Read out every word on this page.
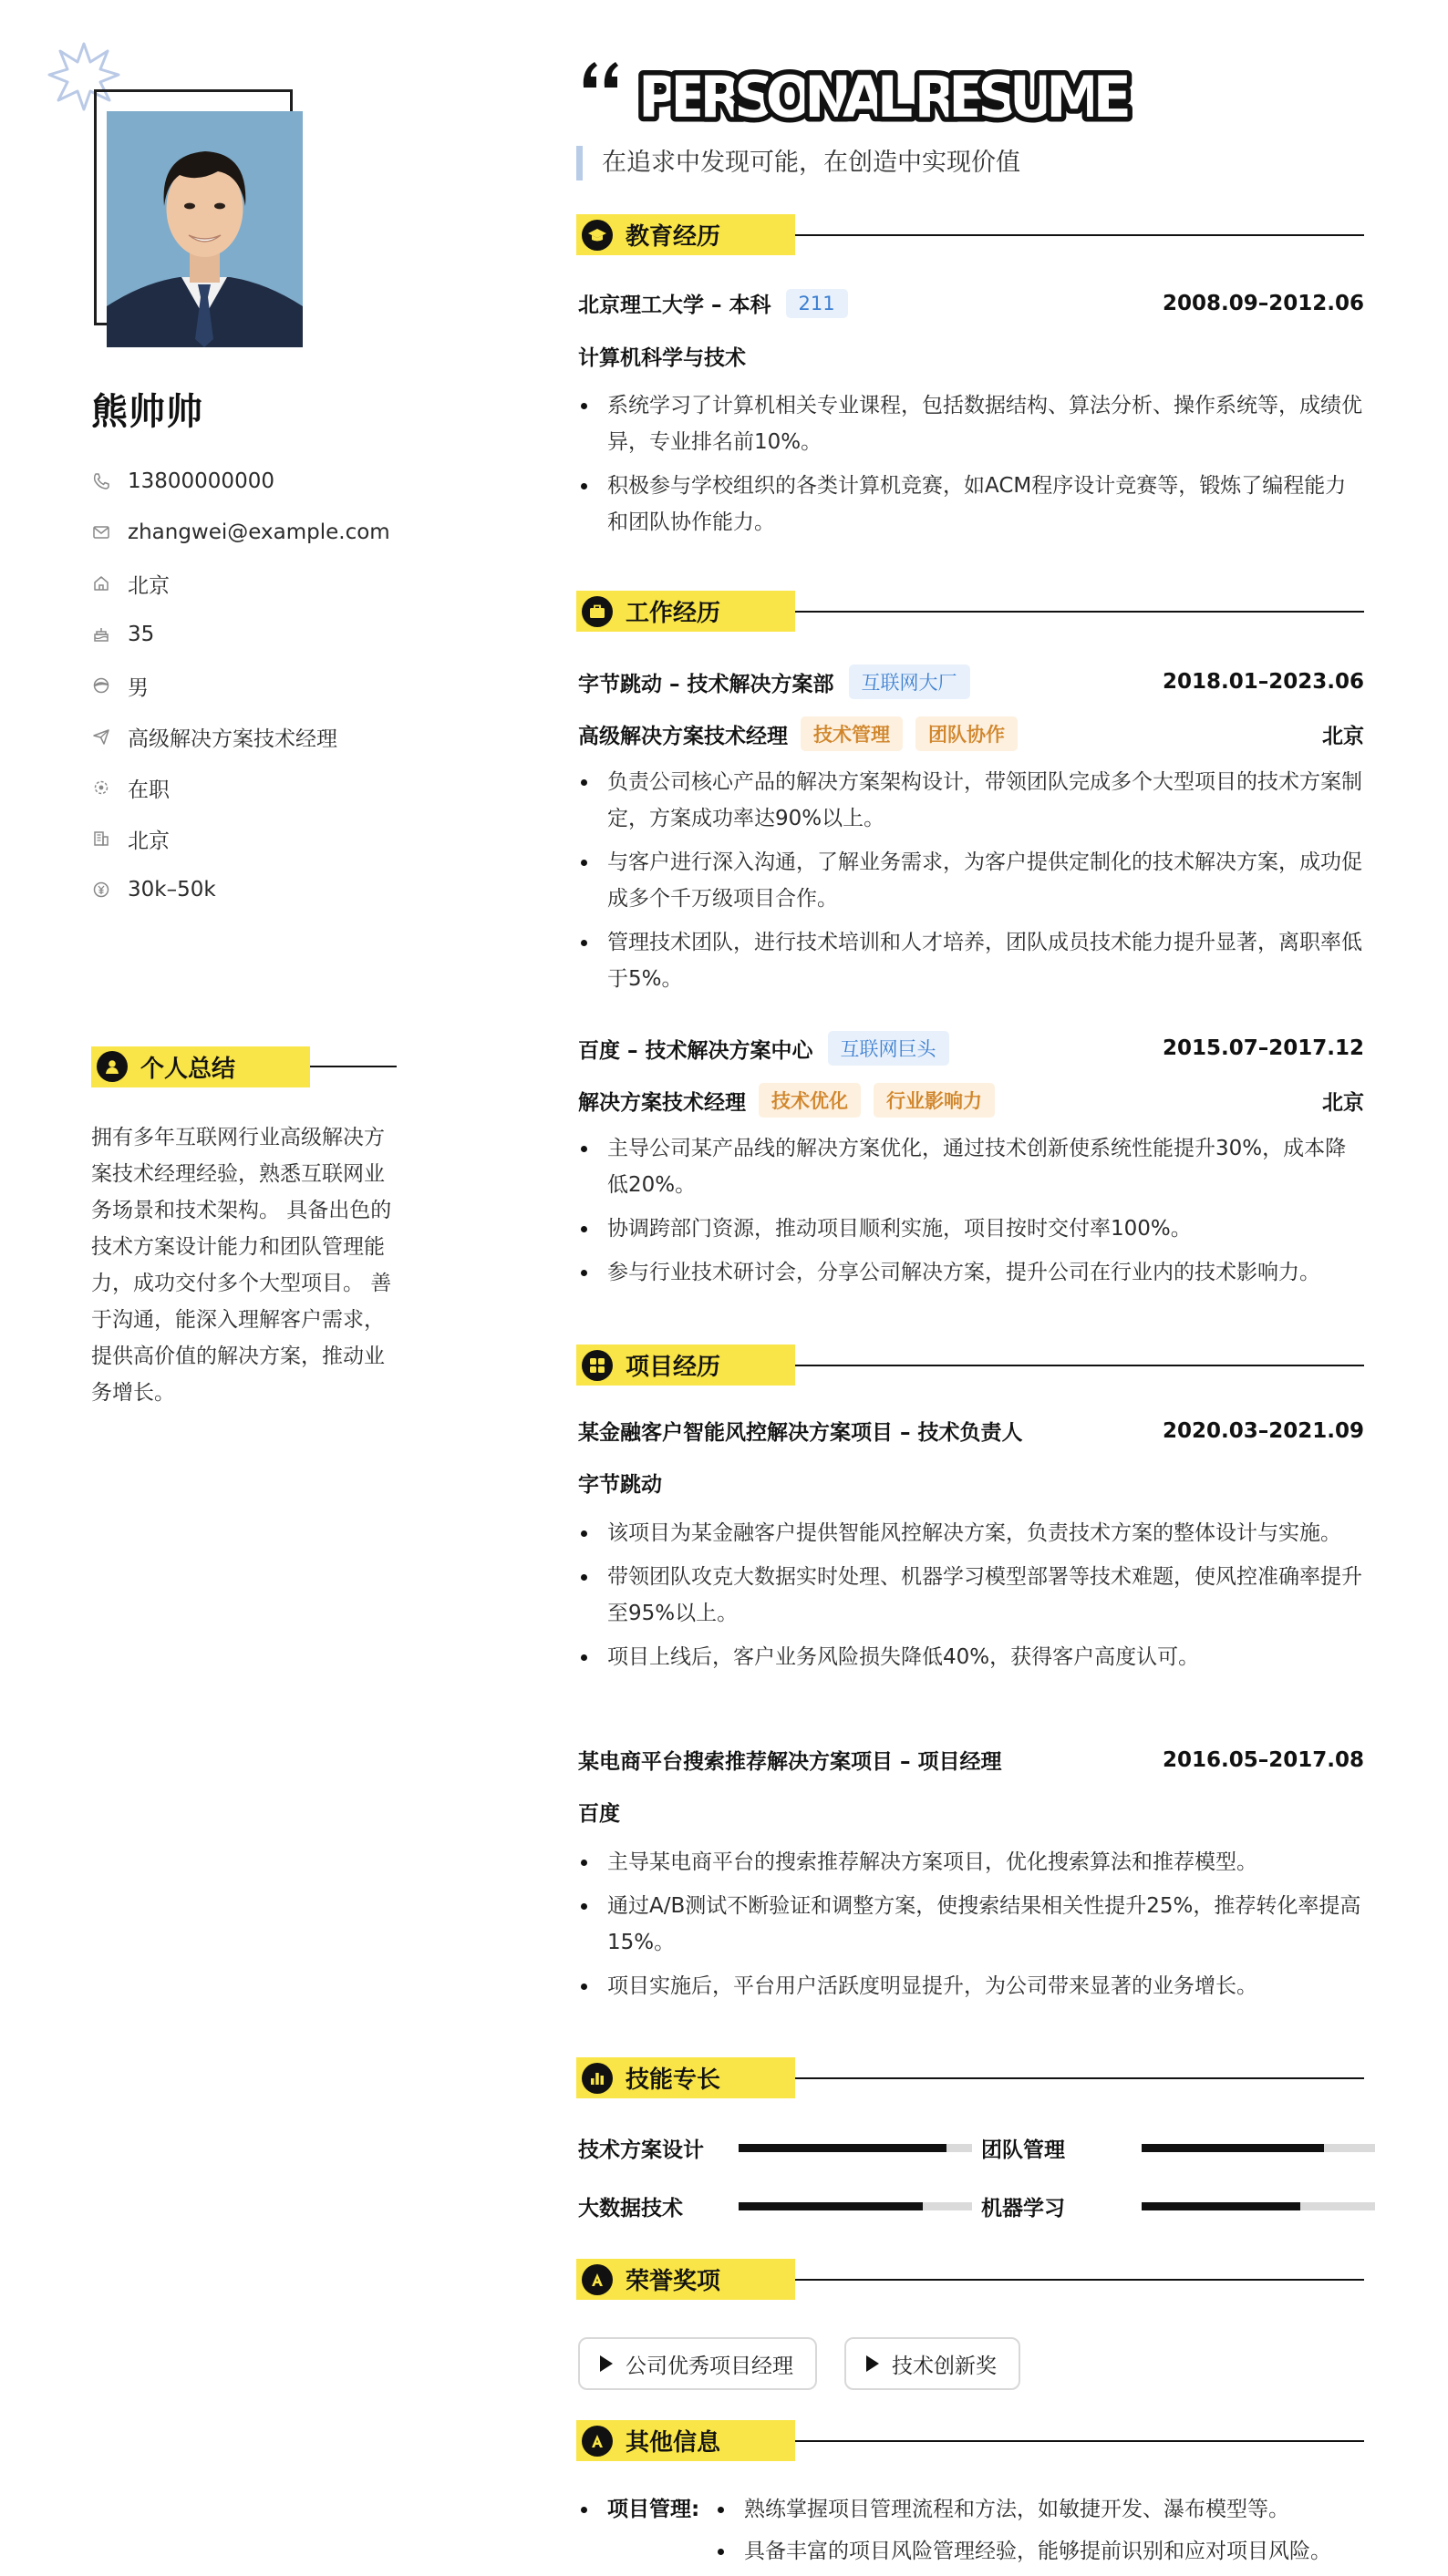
熊帅帅
13800000000
zhangwei@example.com
北京
35
男
高级解决方案技术经理
在职
北京
30k–50k
个人总结
拥有多年互联网行业高级解决方案技术经理经验，熟悉互联网业务场景和技术架构。 具备出色的技术方案设计能力和团队管理能力，成功交付多个大型项目。 善于沟通，能深入理解客户需求，提供高价值的解决方案，推动业务增长。
PERSONAL RESUME
在追求中发现可能，在创造中实现价值
教育经历
北京理工大学 – 本科	211	2008.09–2012.06
计算机科学与技术
系统学习了计算机相关专业课程，包括数据结构、算法分析、操作系统等，成绩优异，专业排名前10%。
积极参与学校组织的各类计算机竞赛，如ACM程序设计竞赛等，锻炼了编程能力和团队协作能力。
工作经历
字节跳动 – 技术解决方案部	互联网大厂	2018.01–2023.06
高级解决方案技术经理	技术管理	团队协作	北京
负责公司核心产品的解决方案架构设计，带领团队完成多个大型项目的技术方案制定，方案成功率达90%以上。
与客户进行深入沟通，了解业务需求，为客户提供定制化的技术解决方案，成功促成多个千万级项目合作。
管理技术团队，进行技术培训和人才培养，团队成员技术能力提升显著，离职率低于5%。
百度 – 技术解决方案中心	互联网巨头	2015.07–2017.12
解决方案技术经理	技术优化	行业影响力	北京
主导公司某产品线的解决方案优化，通过技术创新使系统性能提升30%，成本降低20%。
协调跨部门资源，推动项目顺利实施，项目按时交付率100%。
参与行业技术研讨会，分享公司解决方案，提升公司在行业内的技术影响力。
项目经历
某金融客户智能风控解决方案项目 – 技术负责人	2020.03–2021.09
字节跳动
该项目为某金融客户提供智能风控解决方案，负责技术方案的整体设计与实施。
带领团队攻克大数据实时处理、机器学习模型部署等技术难题，使风控准确率提升至95%以上。
项目上线后，客户业务风险损失降低40%，获得客户高度认可。
某电商平台搜索推荐解决方案项目 – 项目经理	2016.05–2017.08
百度
主导某电商平台的搜索推荐解决方案项目，优化搜索算法和推荐模型。
通过A/B测试不断验证和调整方案，使搜索结果相关性提升25%，推荐转化率提高15%。
项目实施后，平台用户活跃度明显提升，为公司带来显著的业务增长。
技能专长
技术方案设计	团队管理
大数据技术	机器学习
荣誉奖项
公司优秀项目经理	技术创新奖
其他信息
项目管理:	熟练掌握项目管理流程和方法，如敏捷开发、瀑布模型等。
具备丰富的项目风险管理经验，能够提前识别和应对项目风险。
